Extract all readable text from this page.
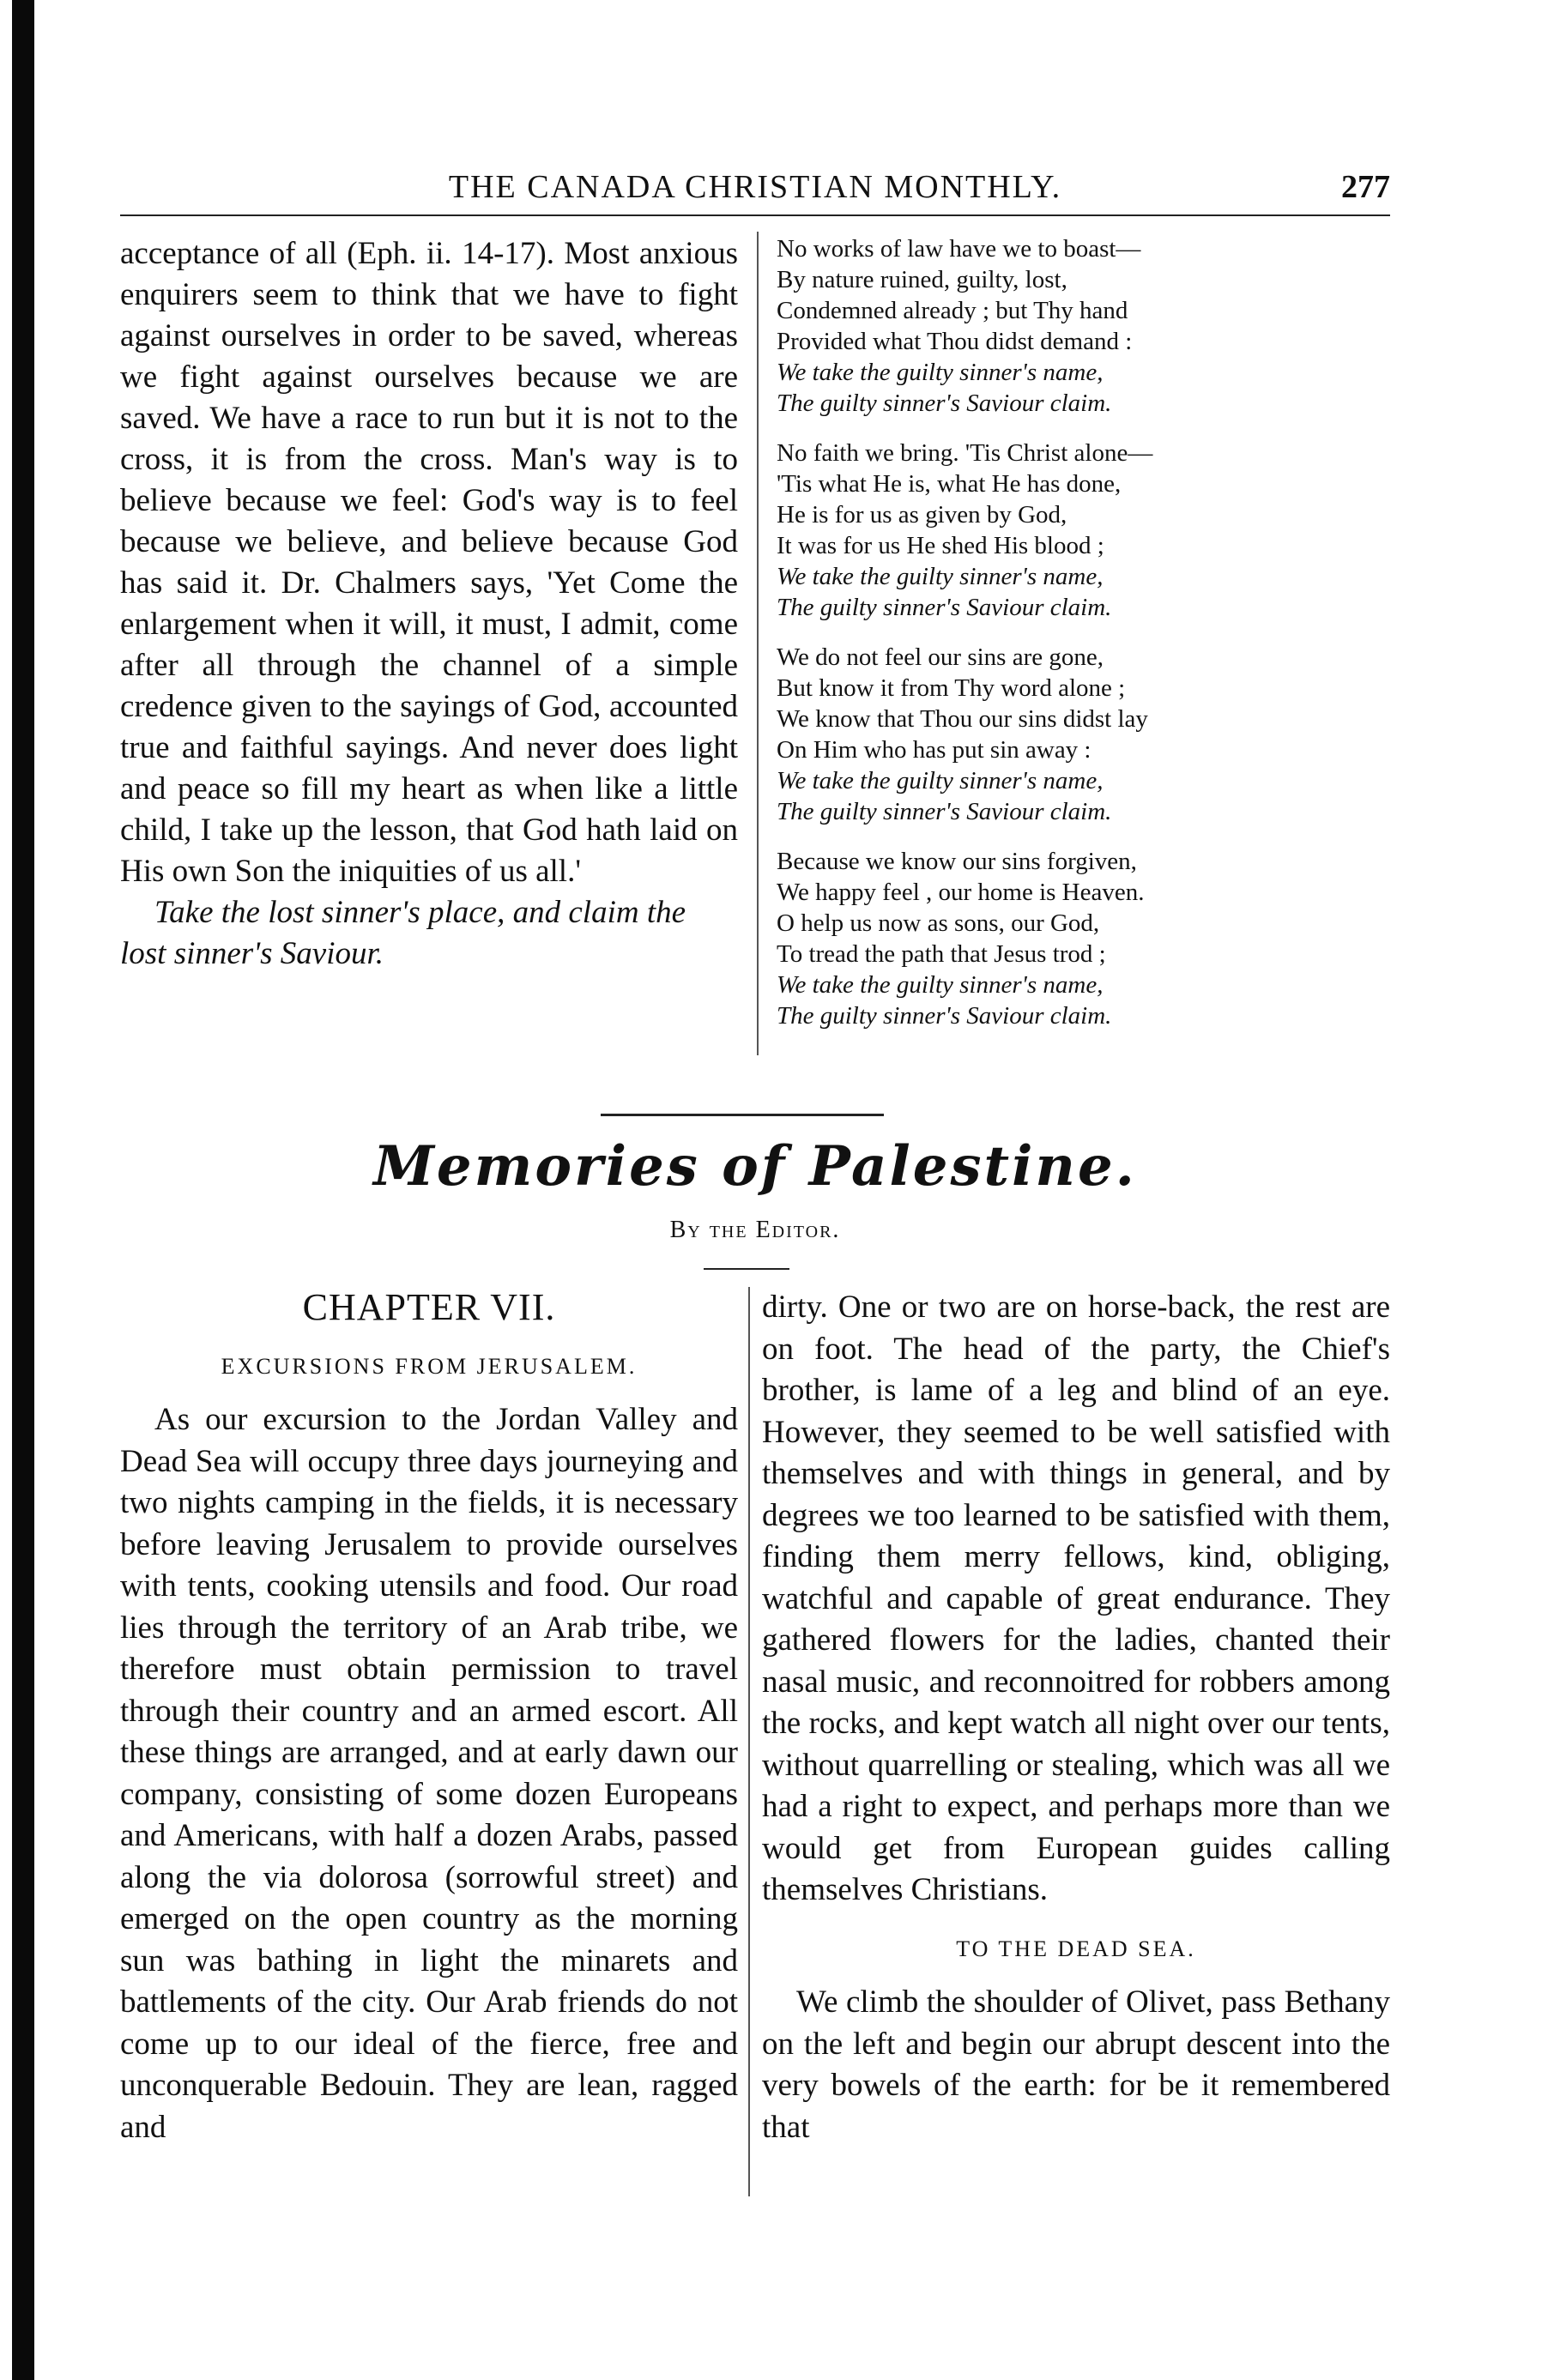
THE CANADA CHRISTIAN MONTHLY.	277

acceptance of all (Eph. ii. 14-17). Most anxious enquirers seem to think that we have to fight against ourselves in order to be saved, whereas we fight against ourselves because we are saved. We have a race to run but it is not to the cross, it is from the cross. Man's way is to believe because we feel: God's way is to feel because we believe, and believe because God has said it. Dr. Chalmers says, 'Yet Come the enlargement when it will, it must, I admit, come after all through the channel of a simple credence given to the sayings of God, accounted true and faithful sayings. And never does light and peace so fill my heart as when like a little child, I take up the lesson, that God hath laid on His own Son the iniquities of us all.'

Take the lost sinner's place, and claim the lost sinner's Saviour.

No works of law have we to boast—
By nature ruined, guilty, lost,
Condemned already ; but Thy hand
Provided what Thou didst demand :
We take the guilty sinner's name,
The guilty sinner's Saviour claim.
No faith we bring. 'Tis Christ alone—
'Tis what He is, what He has done,
He is for us as given by God,
It was for us He shed His blood ;
We take the guilty sinner's name,
The guilty sinner's Saviour claim.
We do not feel our sins are gone,
But know it from Thy word alone ;
We know that Thou our sins didst lay
On Him who has put sin away :
We take the guilty sinner's name,
The guilty sinner's Saviour claim.
Because we know our sins forgiven,
We happy feel , our home is Heaven.
O help us now as sons, our God,
To tread the path that Jesus trod ;
We take the guilty sinner's name,
The guilty sinner's Saviour claim.
Memories of Palestine.
By the Editor.
CHAPTER VII.
EXCURSIONS FROM JERUSALEM.

As our excursion to the Jordan Valley and Dead Sea will occupy three days journeying and two nights camping in the fields, it is necessary before leaving Jerusalem to provide ourselves with tents, cooking utensils and food. Our road lies through the territory of an Arab tribe, we therefore must obtain permission to travel through their country and an armed escort. All these things are arranged, and at early dawn our company, consisting of some dozen Europeans and Americans, with half a dozen Arabs, passed along the via dolorosa (sorrowful street) and emerged on the open country as the morning sun was bathing in light the minarets and battlements of the city. Our Arab friends do not come up to our ideal of the fierce, free and unconquerable Bedouin. They are lean, ragged and

dirty. One or two are on horse-back, the rest are on foot. The head of the party, the Chief's brother, is lame of a leg and blind of an eye. However, they seemed to be well satisfied with themselves and with things in general, and by degrees we too learned to be satisfied with them, finding them merry fellows, kind, obliging, watchful and capable of great endurance. They gathered flowers for the ladies, chanted their nasal music, and reconnoitred for robbers among the rocks, and kept watch all night over our tents, without quarrelling or stealing, which was all we had a right to expect, and perhaps more than we would get from European guides calling themselves Christians.

TO THE DEAD SEA.

We climb the shoulder of Olivet, pass Bethany on the left and begin our abrupt descent into the very bowels of the earth: for be it remembered that
